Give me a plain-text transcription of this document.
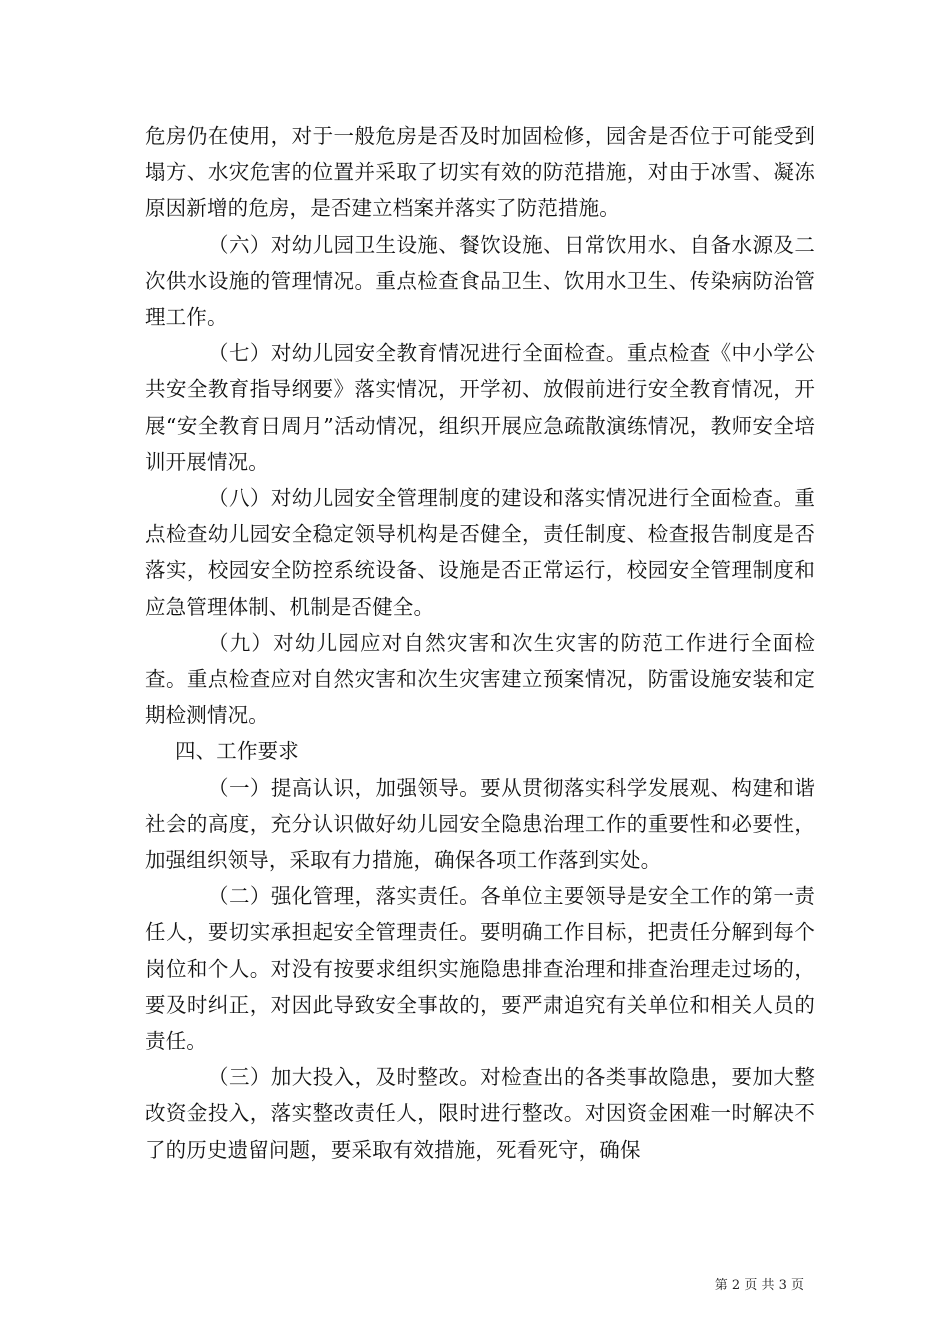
危房仍在使用，对于一般危房是否及时加固检修，园舍是否位于可能受到塌方、水灾危害的位置并采取了切实有效的防范措施，对由于冰雪、凝冻原因新增的危房，是否建立档案并落实了防范措施。

（六）对幼儿园卫生设施、餐饮设施、日常饮用水、自备水源及二次供水设施的管理情况。重点检查食品卫生、饮用水卫生、传染病防治管理工作。

（七）对幼儿园安全教育情况进行全面检查。重点检查《中小学公共安全教育指导纲要》落实情况，开学初、放假前进行安全教育情况，开展“安全教育日周月”活动情况，组织开展应急疏散演练情况，教师安全培训开展情况。

（八）对幼儿园安全管理制度的建设和落实情况进行全面检查。重点检查幼儿园安全稳定领导机构是否健全，责任制度、检查报告制度是否落实，校园安全防控系统设备、设施是否正常运行，校园安全管理制度和应急管理体制、机制是否健全。

（九）对幼儿园应对自然灾害和次生灾害的防范工作进行全面检查。重点检查应对自然灾害和次生灾害建立预案情况，防雷设施安装和定期检测情况。

四、工作要求

（一）提高认识，加强领导。要从贯彻落实科学发展观、构建和谐社会的高度，充分认识做好幼儿园安全隐患治理工作的重要性和必要性，加强组织领导，采取有力措施，确保各项工作落到实处。

（二）强化管理，落实责任。各单位主要领导是安全工作的第一责任人，要切实承担起安全管理责任。要明确工作目标，把责任分解到每个岗位和个人。对没有按要求组织实施隐患排查治理和排查治理走过场的，要及时纠正，对因此导致安全事故的，要严肃追究有关单位和相关人员的责任。

（三）加大投入，及时整改。对检查出的各类事故隐患，要加大整改资金投入，落实整改责任人，限时进行整改。对因资金困难一时解决不了的历史遗留问题，要采取有效措施，死看死守，确保

第 2 页 共 3 页
